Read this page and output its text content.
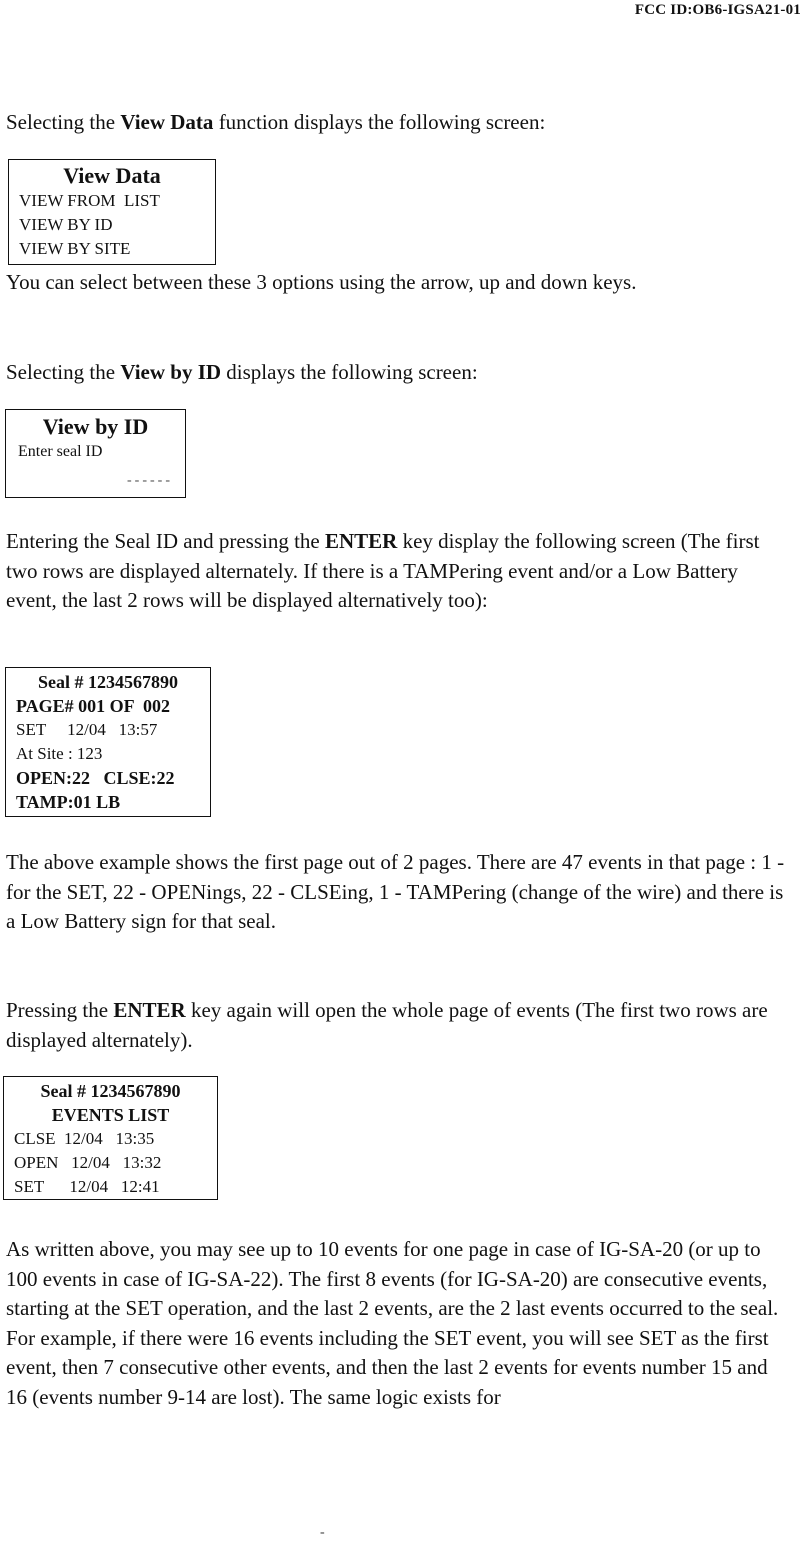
FCC ID:OB6-IGSA21-01

Selecting the View Data function displays the following screen:

View Data
VIEW FROM  LIST
VIEW BY ID
VIEW BY SITE

You can select between these 3 options using the arrow, up and down keys.

Selecting the View by ID displays the following screen:

View by ID
Enter seal ID
------

Entering the Seal ID and pressing the ENTER key display the following screen (The first two rows are displayed alternately. If there is a TAMPering event and/or a Low Battery event, the last 2 rows will be displayed alternatively too):

Seal # 1234567890
PAGE# 001 OF  002
SET     12/04   13:57
At Site : 123
OPEN:22   CLSE:22
TAMP:01 LB

The above example shows the first page out of 2 pages. There are 47 events in that page : 1 - for the SET, 22 - OPENings, 22 - CLSEing, 1 - TAMPering (change of the wire) and there is a Low Battery sign for that seal.

Pressing the ENTER key again will open the whole page of events (The first two rows are displayed alternately).

Seal # 1234567890
EVENTS LIST
CLSE  12/04   13:35
OPEN   12/04   13:32
SET      12/04   12:41

As written above, you may see up to 10 events for one page in case of IG-SA-20 (or up to 100 events in case of IG-SA-22). The first 8 events (for IG-SA-20) are consecutive events, starting at the SET operation, and the last 2 events, are the 2 last events occurred to the seal. For example, if there were 16 events including the SET event, you will see SET as the first event, then 7 consecutive other events, and then the last 2 events for events number 15 and 16 (events number 9-14 are lost). The same logic exists for

-
